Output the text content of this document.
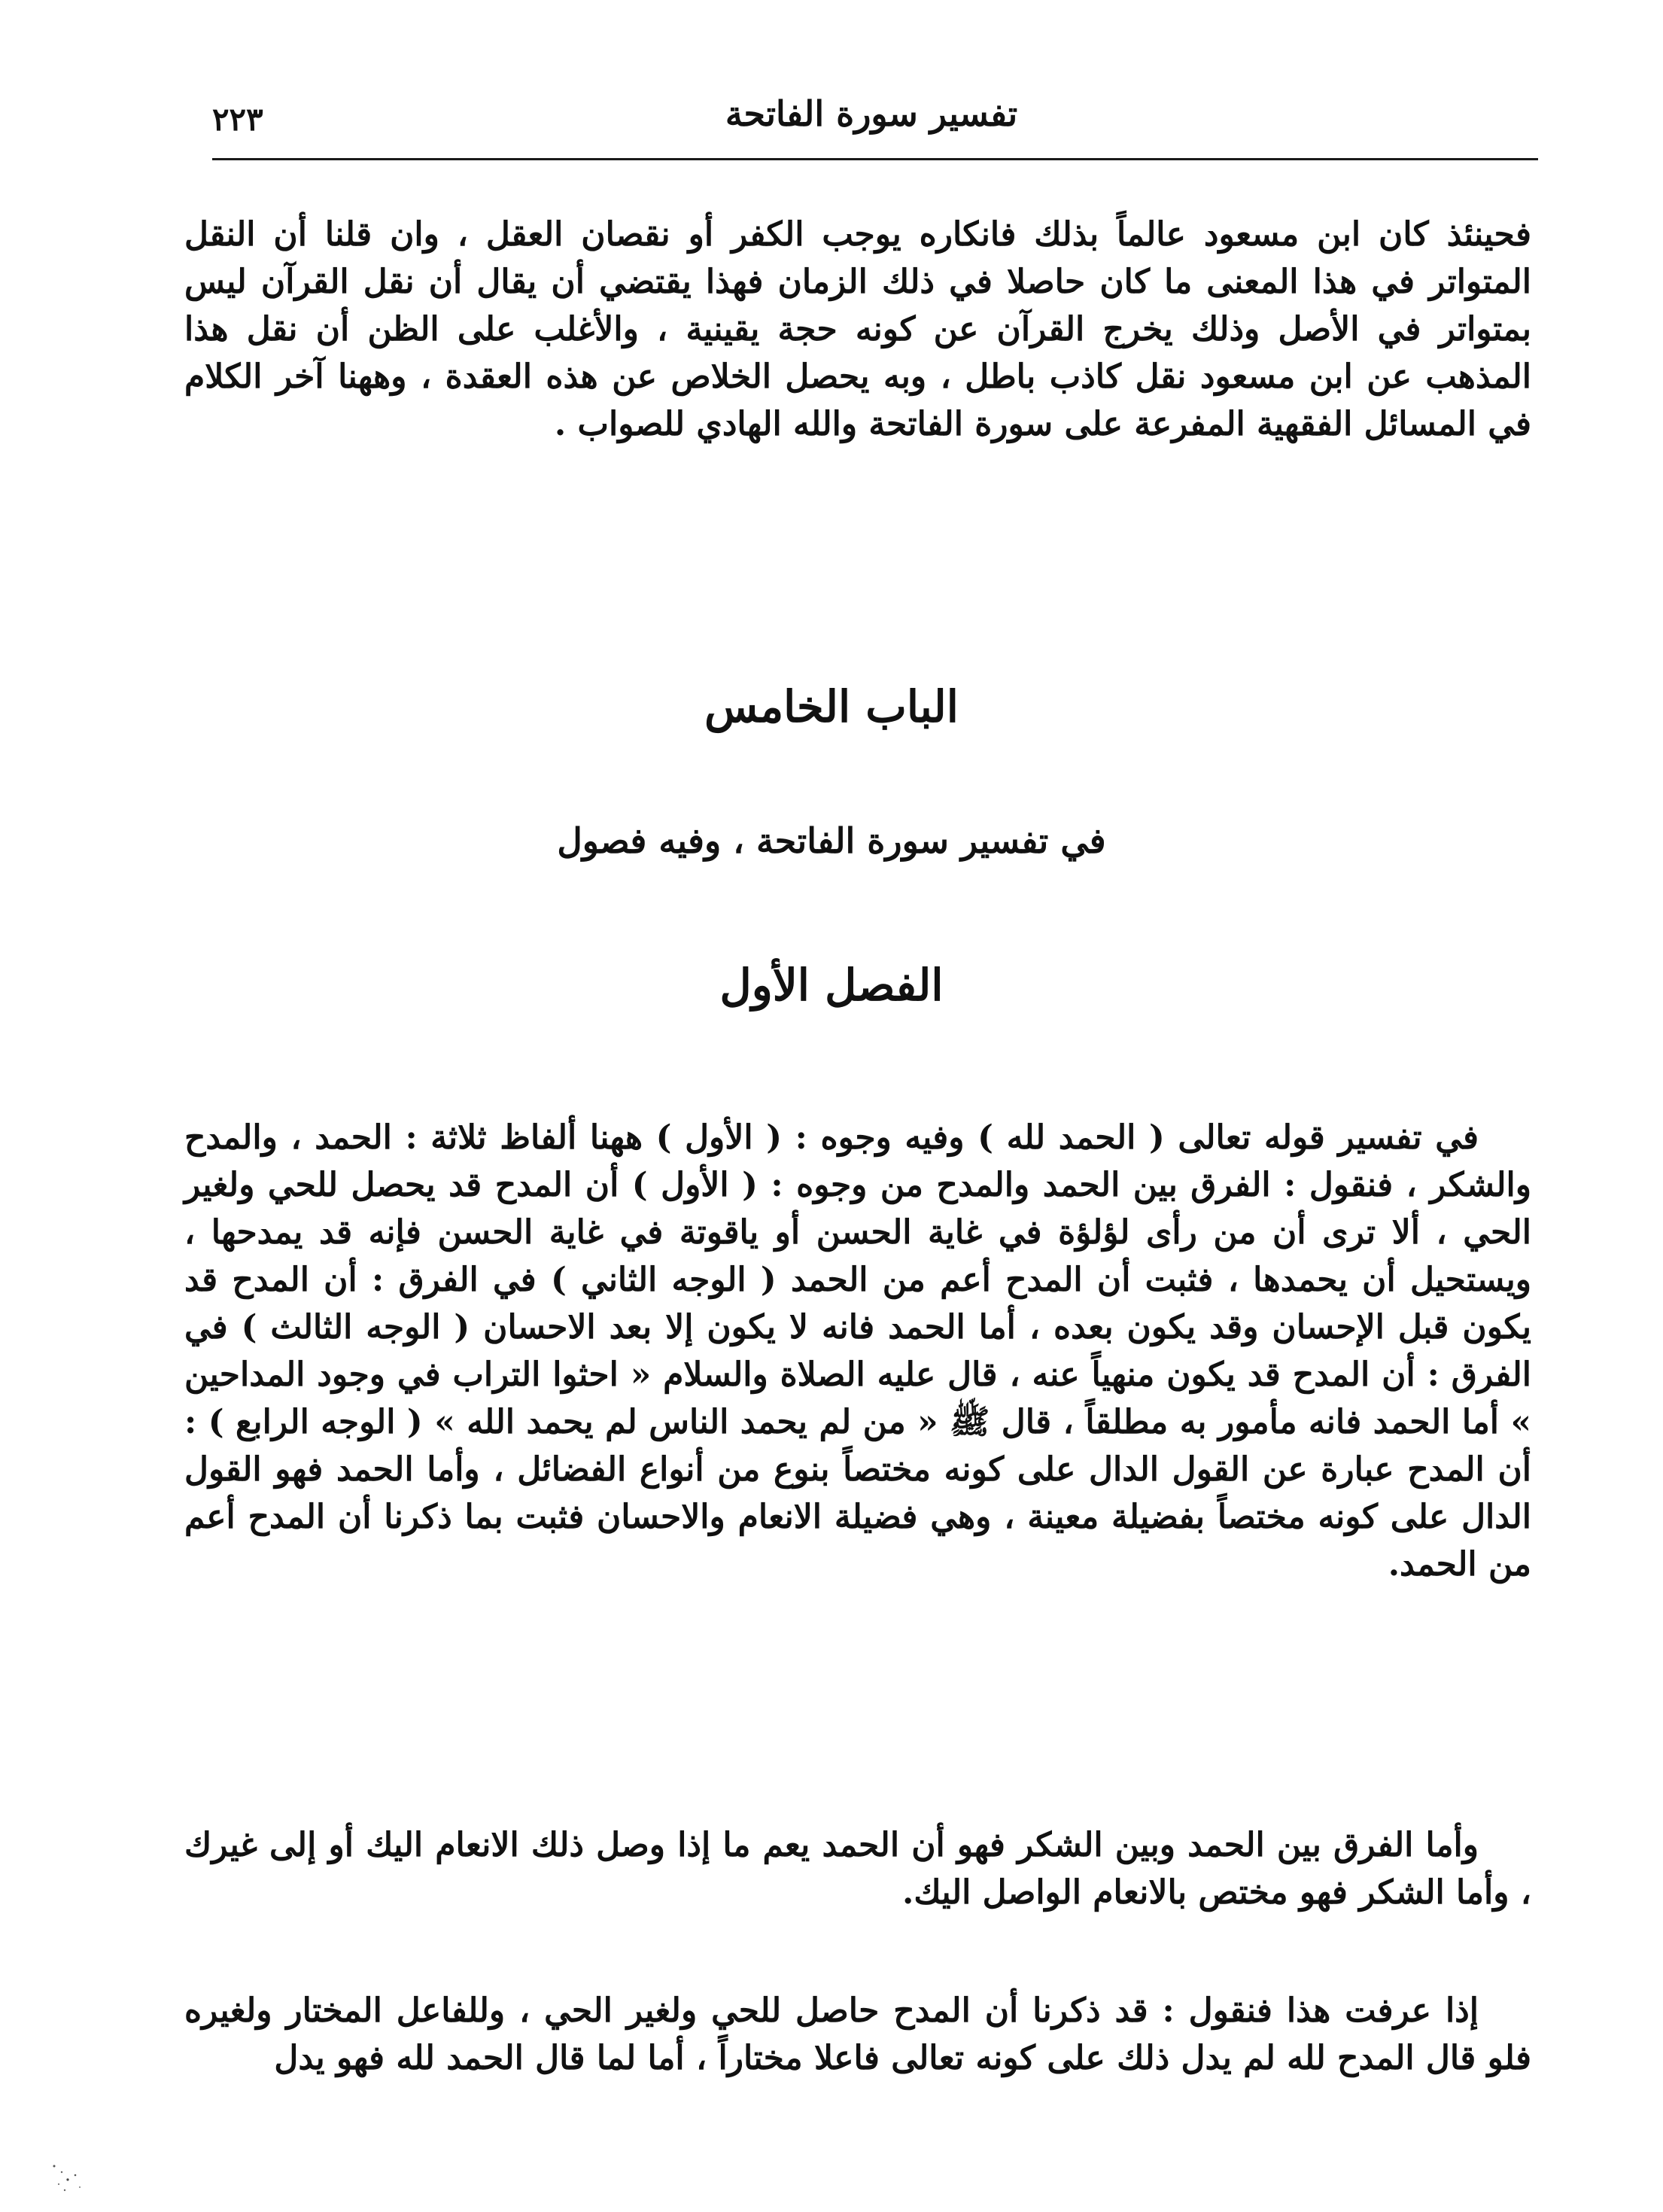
تفسير سورة الفاتحة
٢٢٣
فحينئذ كان ابن مسعود عالماً بذلك فانكاره يوجب الكفر أو نقصان العقل ، وان قلنا أن النقل المتواتر في هذا المعنى ما كان حاصلا في ذلك الزمان فهذا يقتضي أن يقال أن نقل القرآن ليس بمتواتر في الأصل وذلك يخرج القرآن عن كونه حجة يقينية ، والأغلب على الظن أن نقل هذا المذهب عن ابن مسعود نقل كاذب باطل ، وبه يحصل الخلاص عن هذه العقدة ، وههنا آخر الكلام في المسائل الفقهية المفرعة على سورة الفاتحة والله الهادي للصواب .
الباب الخامس
في تفسير سورة الفاتحة ، وفيه فصول
الفصل الأول
في تفسير قوله تعالى ( الحمد لله ) وفيه وجوه : ( الأول ) ههنا ألفاظ ثلاثة : الحمد ، والمدح والشكر ، فنقول : الفرق بين الحمد والمدح من وجوه : ( الأول ) أن المدح قد يحصل للحي ولغير الحي ، ألا ترى أن من رأى لؤلؤة في غاية الحسن أو ياقوتة في غاية الحسن فإنه قد يمدحها ، ويستحيل أن يحمدها ، فثبت أن المدح أعم من الحمد ( الوجه الثاني ) في الفرق : أن المدح قد يكون قبل الإحسان وقد يكون بعده ، أما الحمد فانه لا يكون إلا بعد الاحسان ( الوجه الثالث ) في الفرق : أن المدح قد يكون منهياً عنه ، قال عليه الصلاة والسلام « احثوا التراب في وجود المداحين » أما الحمد فانه مأمور به مطلقاً ، قال ﷺ « من لم يحمد الناس لم يحمد الله » ( الوجه الرابع ) : أن المدح عبارة عن القول الدال على كونه مختصاً بنوع من أنواع الفضائل ، وأما الحمد فهو القول الدال على كونه مختصاً بفضيلة معينة ، وهي فضيلة الانعام والاحسان فثبت بما ذكرنا أن المدح أعم من الحمد.
وأما الفرق بين الحمد وبين الشكر فهو أن الحمد يعم ما إذا وصل ذلك الانعام اليك أو إلى غيرك ، وأما الشكر فهو مختص بالانعام الواصل اليك.
إذا عرفت هذا فنقول : قد ذكرنا أن المدح حاصل للحي ولغير الحي ، وللفاعل المختار ولغيره فلو قال المدح لله لم يدل ذلك على كونه تعالى فاعلا مختاراً ، أما لما قال الحمد لله فهو يدل
